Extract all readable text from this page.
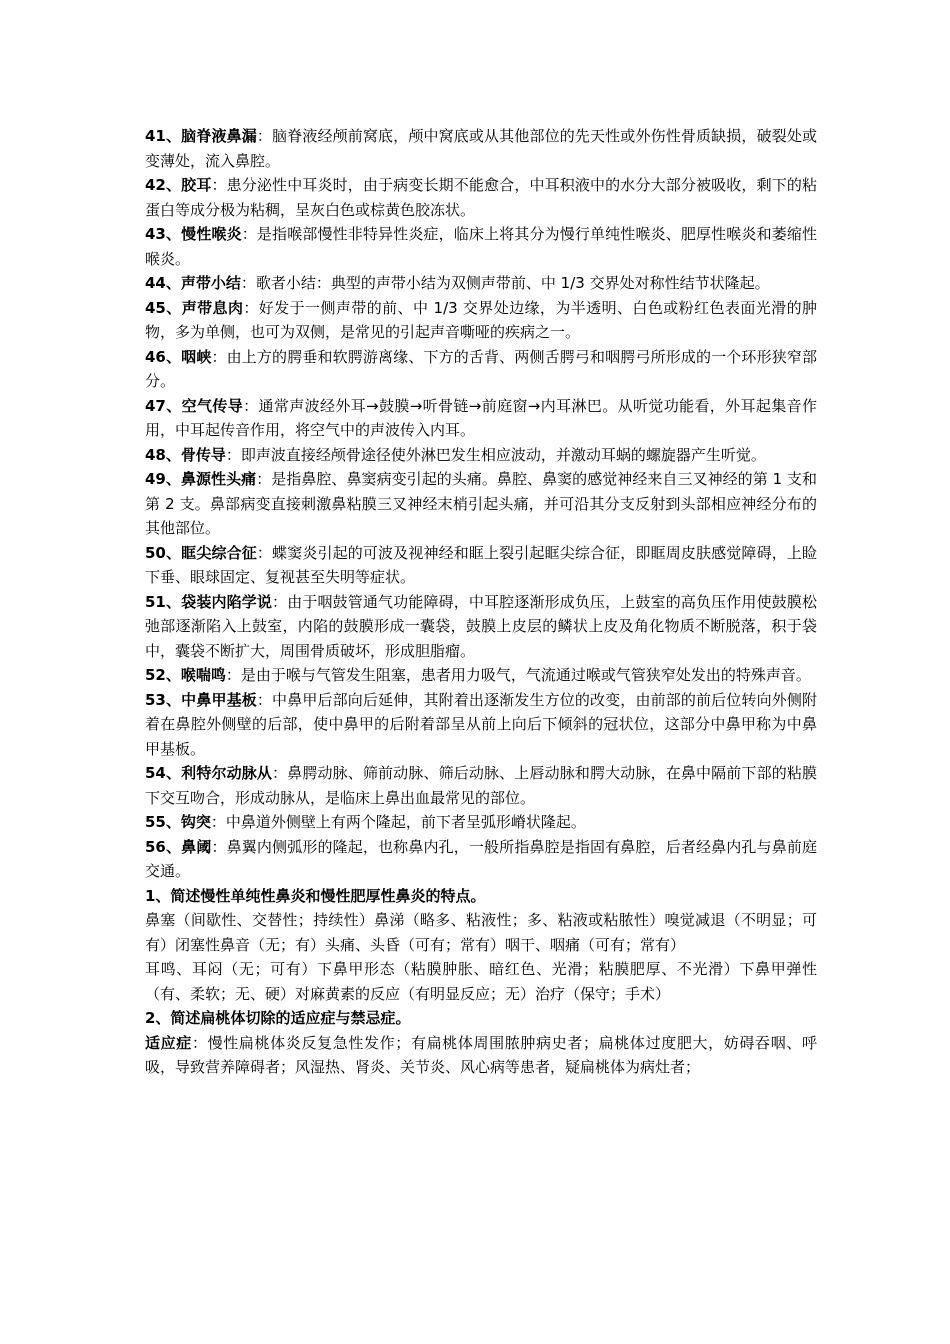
41、脑脊液鼻漏：脑脊液经颅前窝底，颅中窝底或从其他部位的先天性或外伤性骨质缺损，破裂处或变薄处，流入鼻腔。
42、胶耳：患分泌性中耳炎时，由于病变长期不能愈合，中耳积液中的水分大部分被吸收，剩下的粘蛋白等成分极为粘稠，呈灰白色或棕黄色胶冻状。
43、慢性喉炎：是指喉部慢性非特异性炎症，临床上将其分为慢行单纯性喉炎、肥厚性喉炎和萎缩性喉炎。
44、声带小结：歌者小结：典型的声带小结为双侧声带前、中 1/3 交界处对称性结节状隆起。
45、声带息肉：好发于一侧声带的前、中 1/3 交界处边缘，为半透明、白色或粉红色表面光滑的肿物，多为单侧，也可为双侧，是常见的引起声音嘶哑的疾病之一。
46、咽峡：由上方的腭垂和软腭游离缘、下方的舌背、两侧舌腭弓和咽腭弓所形成的一个环形狭窄部分。
47、空气传导：通常声波经外耳→鼓膜→听骨链→前庭窗→内耳淋巴。从听觉功能看，外耳起集音作用，中耳起传音作用，将空气中的声波传入内耳。
48、骨传导：即声波直接经颅骨途径使外淋巴发生相应波动，并激动耳蜗的螺旋器产生听觉。
49、鼻源性头痛：是指鼻腔、鼻窦病变引起的头痛。鼻腔、鼻窦的感觉神经来自三叉神经的第 1 支和第 2 支。鼻部病变直接刺激鼻粘膜三叉神经末梢引起头痛，并可沿其分支反射到头部相应神经分布的其他部位。
50、眶尖综合征：蝶窦炎引起的可波及视神经和眶上裂引起眶尖综合征，即眶周皮肤感觉障碍，上睑下垂、眼球固定、复视甚至失明等症状。
51、袋装内陷学说：由于咽鼓管通气功能障碍，中耳腔逐渐形成负压，上鼓室的高负压作用使鼓膜松弛部逐渐陷入上鼓室，内陷的鼓膜形成一囊袋，鼓膜上皮层的鳞状上皮及角化物质不断脱落，积于袋中，囊袋不断扩大，周围骨质破坏，形成胆脂瘤。
52、喉喘鸣：是由于喉与气管发生阻塞，患者用力吸气，气流通过喉或气管狭窄处发出的特殊声音。
53、中鼻甲基板：中鼻甲后部向后延伸，其附着出逐渐发生方位的改变，由前部的前后位转向外侧附着在鼻腔外侧壁的后部，使中鼻甲的后附着部呈从前上向后下倾斜的冠状位，这部分中鼻甲称为中鼻甲基板。
54、利特尔动脉从：鼻腭动脉、筛前动脉、筛后动脉、上唇动脉和腭大动脉，在鼻中隔前下部的粘膜下交互吻合，形成动脉从，是临床上鼻出血最常见的部位。
55、钩突：中鼻道外侧壁上有两个隆起，前下者呈弧形嵴状隆起。
56、鼻阈：鼻翼内侧弧形的隆起，也称鼻内孔，一般所指鼻腔是指固有鼻腔，后者经鼻内孔与鼻前庭交通。
1、简述慢性单纯性鼻炎和慢性肥厚性鼻炎的特点。
鼻塞（间歇性、交替性；持续性）鼻涕（略多、粘液性；多、粘液或粘脓性）嗅觉减退（不明显；可有）闭塞性鼻音（无；有）头痛、头昏（可有；常有）咽干、咽痛（可有；常有）
耳鸣、耳闷（无；可有）下鼻甲形态（粘膜肿胀、暗红色、光滑；粘膜肥厚、不光滑）下鼻甲弹性（有、柔软；无、硬）对麻黄素的反应（有明显反应；无）治疗（保守；手术）
2、简述扁桃体切除的适应症与禁忌症。
适应症：慢性扁桃体炎反复急性发作；有扁桃体周围脓肿病史者；扁桃体过度肥大，妨碍吞咽、呼吸，导致营养障碍者；风湿热、肾炎、关节炎、风心病等患者，疑扁桃体为病灶者；
